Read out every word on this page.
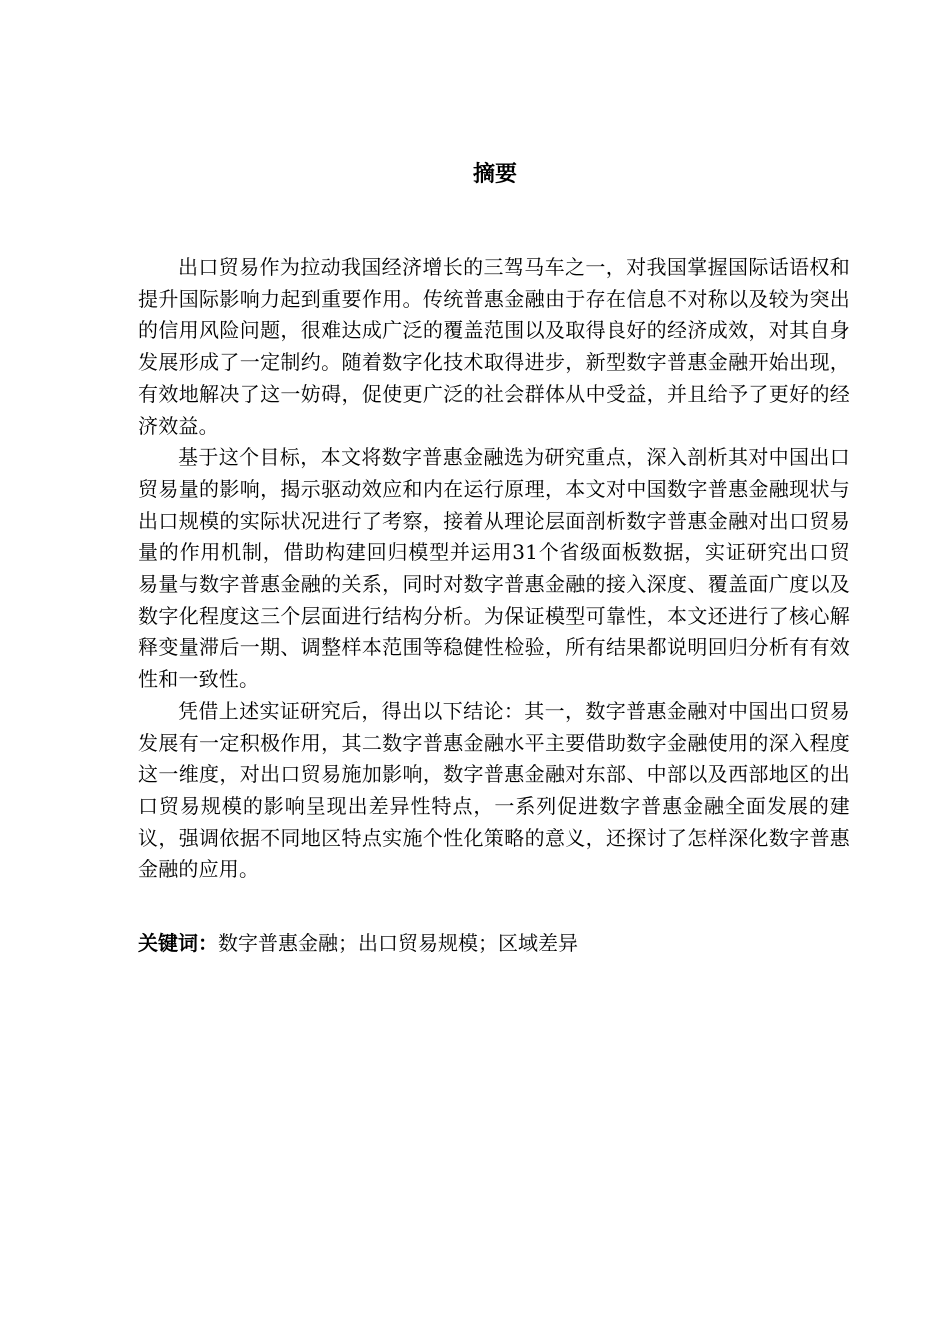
摘要

出口贸易作为拉动我国经济增长的三驾马车之一，对我国掌握国际话语权和提升国际影响力起到重要作用。传统普惠金融由于存在信息不对称以及较为突出的信用风险问题，很难达成广泛的覆盖范围以及取得良好的经济成效，对其自身发展形成了一定制约。随着数字化技术取得进步，新型数字普惠金融开始出现，有效地解决了这一妨碍，促使更广泛的社会群体从中受益，并且给予了更好的经济效益。

基于这个目标，本文将数字普惠金融选为研究重点，深入剖析其对中国出口贸易量的影响，揭示驱动效应和内在运行原理，本文对中国数字普惠金融现状与出口规模的实际状况进行了考察，接着从理论层面剖析数字普惠金融对出口贸易量的作用机制，借助构建回归模型并运用31个省级面板数据，实证研究出口贸易量与数字普惠金融的关系，同时对数字普惠金融的接入深度、覆盖面广度以及数字化程度这三个层面进行结构分析。为保证模型可靠性，本文还进行了核心解释变量滞后一期、调整样本范围等稳健性检验，所有结果都说明回归分析有有效性和一致性。

凭借上述实证研究后，得出以下结论：其一，数字普惠金融对中国出口贸易发展有一定积极作用，其二数字普惠金融水平主要借助数字金融使用的深入程度这一维度，对出口贸易施加影响，数字普惠金融对东部、中部以及西部地区的出口贸易规模的影响呈现出差异性特点，一系列促进数字普惠金融全面发展的建议，强调依据不同地区特点实施个性化策略的意义，还探讨了怎样深化数字普惠金融的应用。

关键词：数字普惠金融；出口贸易规模；区域差异
